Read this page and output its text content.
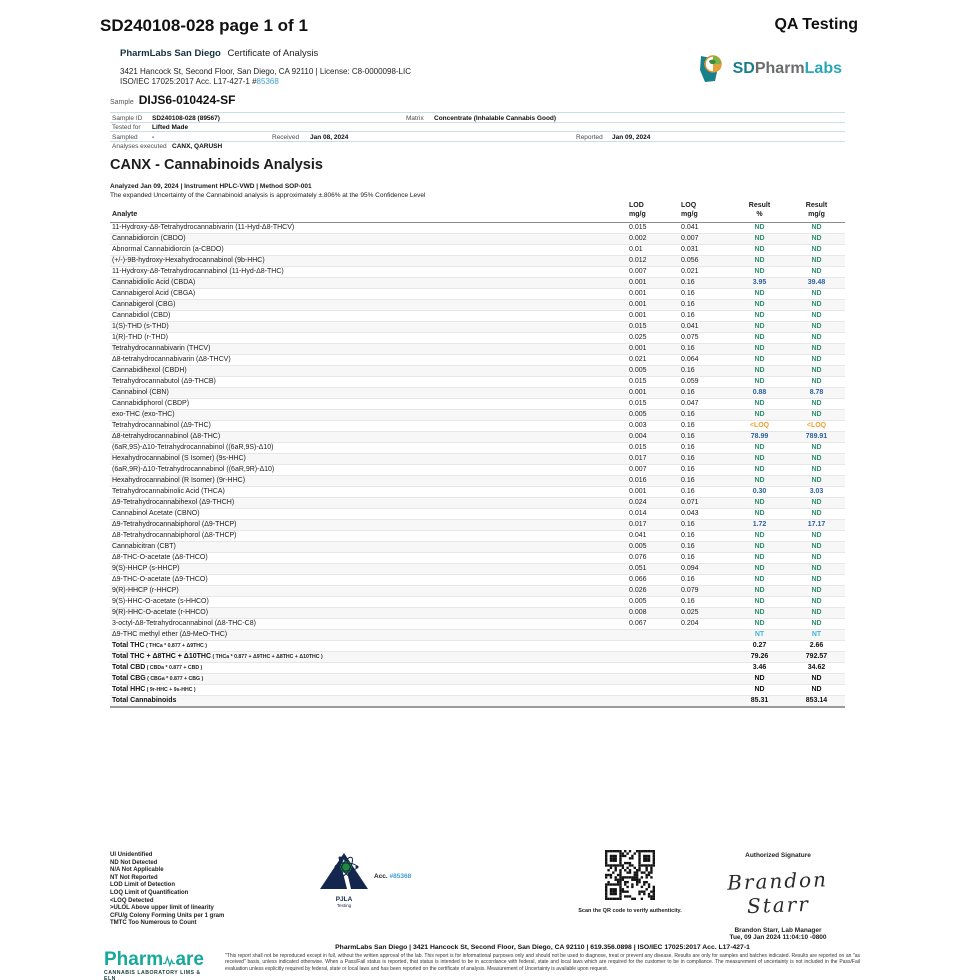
SD240108-028 page 1 of 1	QA Testing
PharmLabs San Diego Certificate of Analysis
3421 Hancock St, Second Floor, San Diego, CA 92110 | License: C8-0000098-LIC
ISO/IEC 17025:2017 Acc. L17-427-1 #85368
SDPharmLabs
Sample DIJS6-010424-SF
Sample ID SD240108-028 (89567)	Matrix Concentrate (Inhalable Cannabis Good)
Tested for Lifted Made
Sampled -	Received Jan 08, 2024	Reported Jan 09, 2024
Analyses executed CANX, QARUSH
CANX - Cannabinoids Analysis
Analyzed Jan 09, 2024 | Instrument HPLC-VWD | Method SOP-001
The expanded Uncertainty of the Cannabinoid analysis is approximately ±.806% at the 95% Confidence Level
Analyte	
LOD
mg/g

LOQ
mg/g

Result
%

Result
mg/g

11-Hydroxy-Δ8-Tetrahydrocannabivarin (11-Hyd-Δ8-THCV)	0.015	0.041	ND	ND
Cannabidiorcin (CBDO)	0.002	0.007	ND	ND
Abnormal Cannabidiorcin (a-CBDO)	0.01	0.031	ND	ND
(+/-)-9B-hydroxy-Hexahydrocannabinol (9b-HHC)	0.012	0.056	ND	ND
11-Hydroxy-Δ8-Tetrahydrocannabinol (11-Hyd-Δ8-THC)	0.007	0.021	ND	ND
Cannabidiolic Acid (CBDA)	0.001	0.16	3.95	39.48
Cannabigerol Acid (CBGA)	0.001	0.16	ND	ND
Cannabigerol (CBG)	0.001	0.16	ND	ND
Cannabidiol (CBD)	0.001	0.16	ND	ND
1(S)-THD (s-THD)	0.015	0.041	ND	ND
1(R)-THD (r-THD)	0.025	0.075	ND	ND
Tetrahydrocannabivarin (THCV)	0.001	0.16	ND	ND
Δ8-tetrahydrocannabivarin (Δ8-THCV)	0.021	0.064	ND	ND
Cannabidihexol (CBDH)	0.005	0.16	ND	ND
Tetrahydrocannabutol (Δ9-THCB)	0.015	0.059	ND	ND
Cannabinol (CBN)	0.001	0.16	0.88	8.78
Cannabidiphorol (CBDP)	0.015	0.047	ND	ND
exo-THC (exo-THC)	0.005	0.16	ND	ND
Tetrahydrocannabinol (Δ9-THC)	0.003	0.16	<LOQ	<LOQ
Δ8-tetrahydrocannabinol (Δ8-THC)	0.004	0.16	78.99	789.91
(6aR,9S)-Δ10-Tetrahydrocannabinol ((6aR,9S)-Δ10)	0.015	0.16	ND	ND
Hexahydrocannabinol (S Isomer) (9s-HHC)	0.017	0.16	ND	ND
(6aR,9R)-Δ10-Tetrahydrocannabinol ((6aR,9R)-Δ10)	0.007	0.16	ND	ND
Hexahydrocannabinol (R Isomer) (9r-HHC)	0.016	0.16	ND	ND
Tetrahydrocannabinolic Acid (THCA)	0.001	0.16	0.30	3.03
Δ9-Tetrahydrocannabihexol (Δ9-THCH)	0.024	0.071	ND	ND
Cannabinol Acetate (CBNO)	0.014	0.043	ND	ND
Δ9-Tetrahydrocannabiphorol (Δ9-THCP)	0.017	0.16	1.72	17.17
Δ8-Tetrahydrocannabiphorol (Δ8-THCP)	0.041	0.16	ND	ND
Cannabicitran (CBT)	0.005	0.16	ND	ND
Δ8-THC-O-acetate (Δ8-THCO)	0.076	0.16	ND	ND
9(S)-HHCP (s-HHCP)	0.051	0.094	ND	ND
Δ9-THC-O-acetate (Δ9-THCO)	0.066	0.16	ND	ND
9(R)-HHCP (r-HHCP)	0.026	0.079	ND	ND
9(S)-HHC-O-acetate (s-HHCO)	0.005	0.16	ND	ND
9(R)-HHC-O-acetate (r-HHCO)	0.008	0.025	ND	ND
3-octyl-Δ8-Tetrahydrocannabinol (Δ8-THC-C8)	0.067	0.204	ND	ND
Δ9-THC methyl ether (Δ9-MeO-THC)			NT	NT
Total THC ( THCa * 0.877 + Δ9THC )			0.27	2.66
Total THC + Δ8THC + Δ10THC ( THCa * 0.877 + Δ9THC + Δ8THC + Δ10THC )			79.26	792.57
Total CBD ( CBDa * 0.877 + CBD )			3.46	34.62
Total CBG ( CBGa * 0.877 + CBG )			ND	ND
Total HHC ( 9r-HHC + 9s-HHC )			ND	ND
Total Cannabinoids			85.31	853.14
UI Unidentified
ND Not Detected
N/A Not Applicable
NT Not Reported
LOD Limit of Detection
LOQ Limit of Quantification
<LOQ Detected
>ULOL Above upper limit of linearity
CFU/g Colony Forming Units per 1 gram
TMTC Too Numerous to Count
PJLA
Testing
Acc. #85368
Scan the QR code to verify authenticity.
Authorized Signature
Brandon Starr
Brandon Starr, Lab Manager
Tue, 09 Jan 2024 11:04:10 -0800
PharmLabs San Diego | 3421 Hancock St, Second Floor, San Diego, CA 92110 | 619.356.0898 | ISO/IEC 17025:2017 Acc. L17-427-1
"This report shall not be reproduced except in full, without the written approval of the lab. This report is for informational purposes only and should not be used to diagnose, treat or prevent any disease. Results are only for samples and batches indicated. Results are reported on an "as received" basis, unless indicated otherwise. When a Pass/Fail status is reported, that status is intended to be in accordance with federal, state and local laws which are required for the customer to be in compliance. The measurement of uncertainty is not included in the Pass/Fail evaluation unless explicitly required by federal, state or local laws and has been reported on the certificate of analysis. Measurement of Uncertainty is available upon request.
Pharm are
CANNABIS LABORATORY LIMS & ELN
